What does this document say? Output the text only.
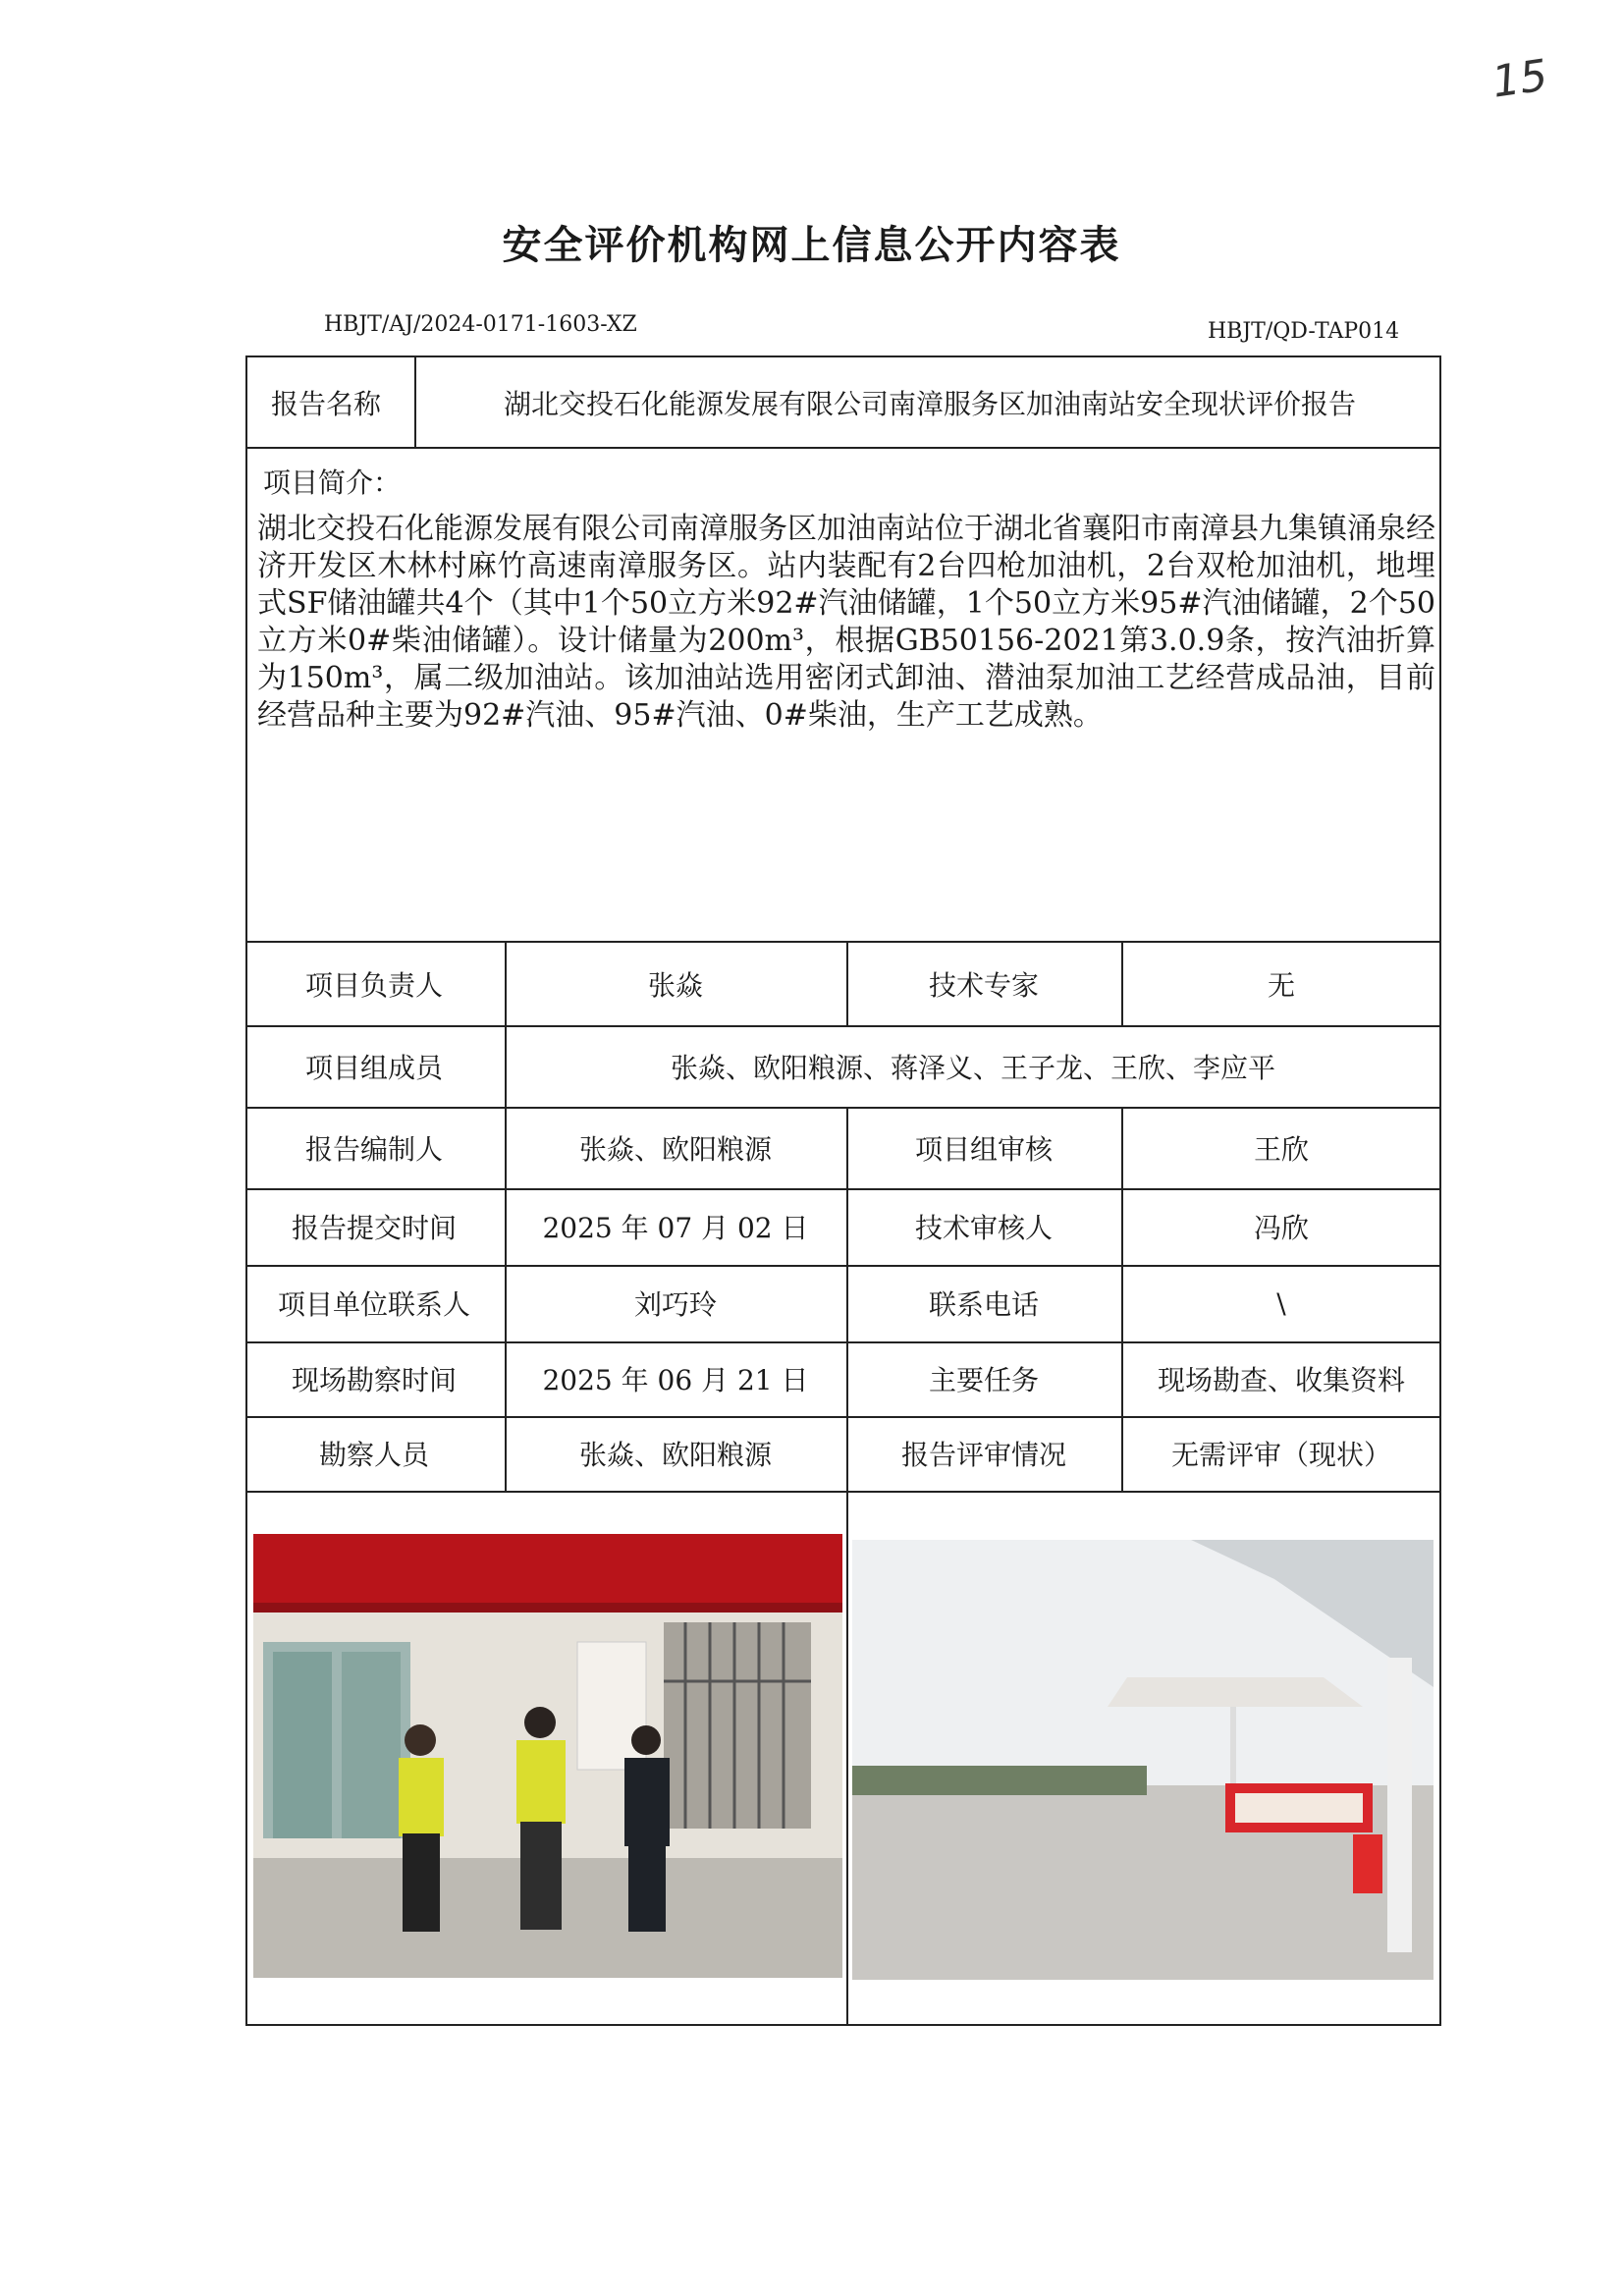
15
安全评价机构网上信息公开内容表
HBJT/AJ/2024-0171-1603-XZ	HBJT/QD-TAP014
报告名称	湖北交投石化能源发展有限公司南漳服务区加油南站安全现状评价报告
项目简介：
湖北交投石化能源发展有限公司南漳服务区加油南站位于湖北省襄阳市南漳县九集镇涌泉经济开发区木林村麻竹高速南漳服务区。站内装配有2台四枪加油机，2台双枪加油机，地埋式SF储油罐共4个（其中1个50立方米92#汽油储罐，1个50立方米95#汽油储罐，2个50立方米0#柴油储罐）。设计储量为200m³，根据GB50156-2021第3.0.9条，按汽油折算为150m³，属二级加油站。该加油站选用密闭式卸油、潜油泵加油工艺经营成品油，目前经营品种主要为92#汽油、95#汽油、0#柴油，生产工艺成熟。
项目负责人	张焱	技术专家	无
项目组成员	张焱、欧阳粮源、蒋泽义、王子龙、王欣、李应平
报告编制人	张焱、欧阳粮源	项目组审核	王欣
报告提交时间	2025 年 07 月 02 日	技术审核人	冯欣
项目单位联系人	刘巧玲	联系电话	\
现场勘察时间	2025 年 06 月 21 日	主要任务	现场勘查、收集资料
勘察人员	张焱、欧阳粮源	报告评审情况	无需评审（现状）
